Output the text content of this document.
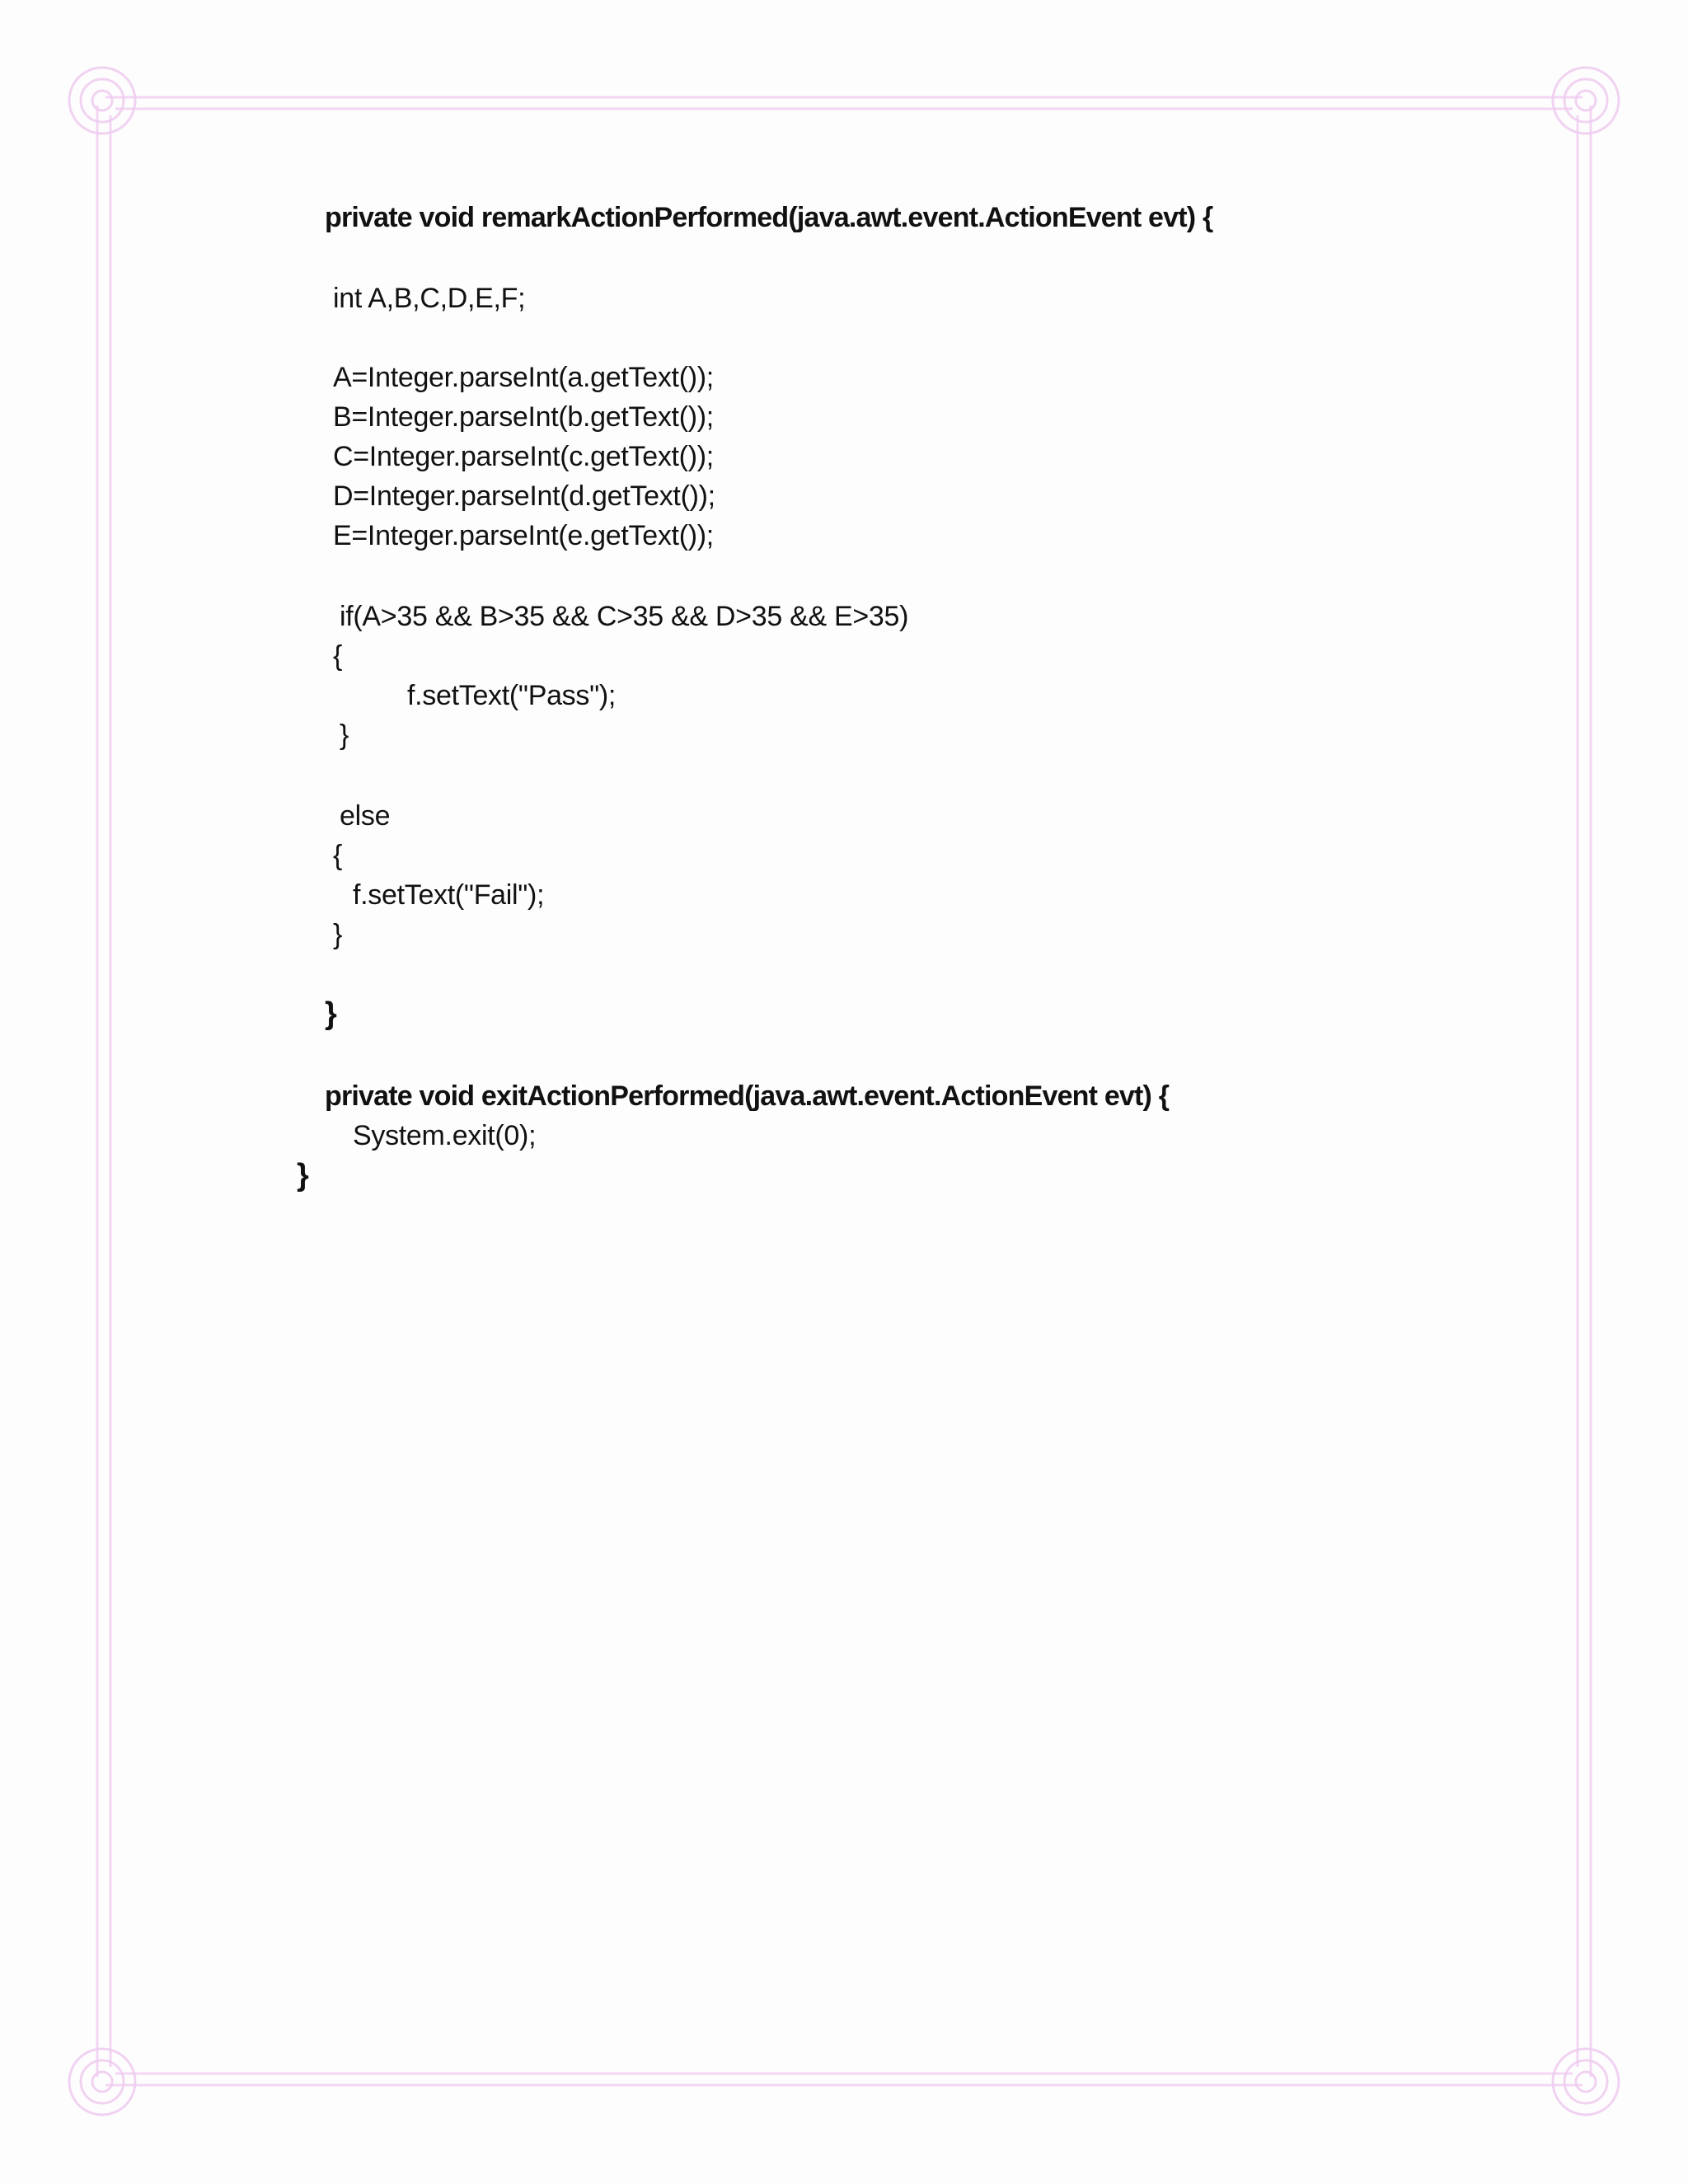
private void remarkActionPerformed(java.awt.event.ActionEvent evt) {
int A,B,C,D,E,F;
A=Integer.parseInt(a.getText());
B=Integer.parseInt(b.getText());
C=Integer.parseInt(c.getText());
D=Integer.parseInt(d.getText());
E=Integer.parseInt(e.getText());
if(A>35 && B>35 && C>35 && D>35 && E>35)
{
f.setText("Pass");
}
else
{
f.setText("Fail");
}
}
private void exitActionPerformed(java.awt.event.ActionEvent evt) {
System.exit(0);
}
